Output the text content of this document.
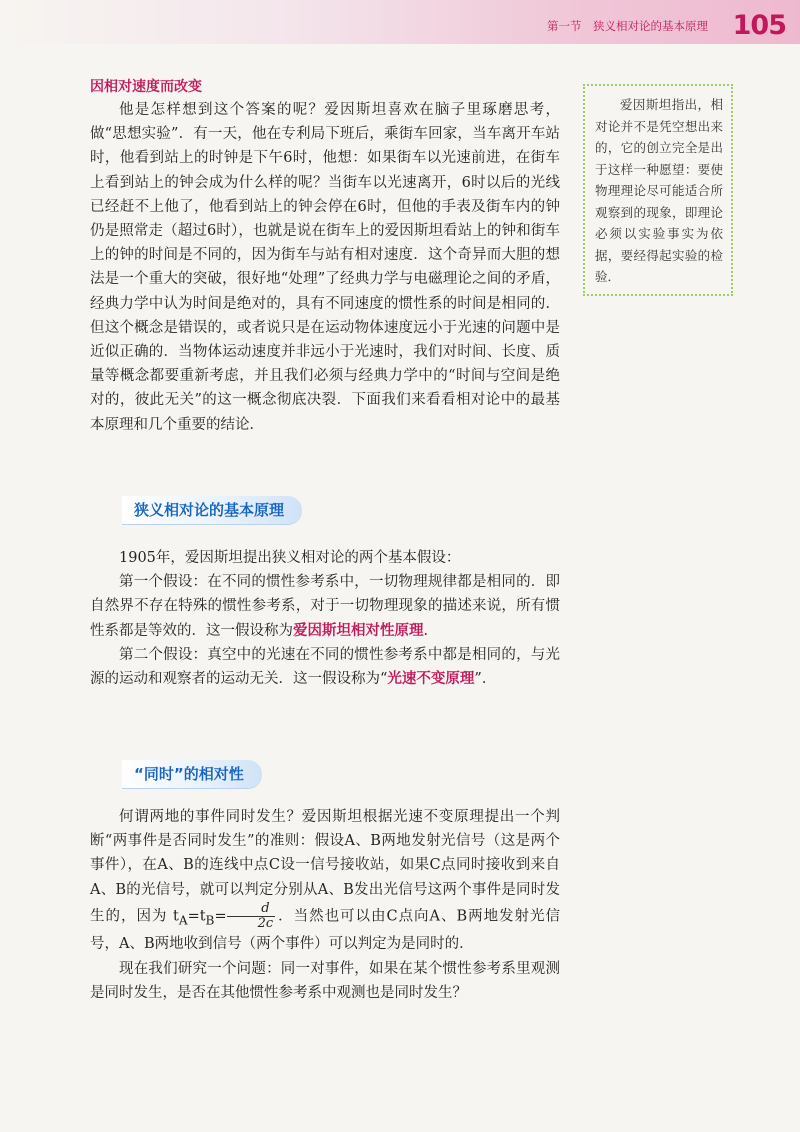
第一节　狭义相对论的基本原理 105
因相对速度而改变

他是怎样想到这个答案的呢？爱因斯坦喜欢在脑子里琢磨思考，做“思想实验”．有一天，他在专利局下班后，乘街车回家，当车离开车站时，他看到站上的时钟是下午6时，他想：如果街车以光速前进，在街车上看到站上的钟会成为什么样的呢？当街车以光速离开，6时以后的光线已经赶不上他了，他看到站上的钟会停在6时，但他的手表及街车内的钟仍是照常走（超过6时），也就是说在街车上的爱因斯坦看站上的钟和街车上的钟的时间是不同的，因为街车与站有相对速度．这个奇异而大胆的想法是一个重大的突破，很好地“处理”了经典力学与电磁理论之间的矛盾，经典力学中认为时间是绝对的，具有不同速度的惯性系的时间是相同的．但这个概念是错误的，或者说只是在运动物体速度远小于光速的问题中是近似正确的．当物体运动速度并非远小于光速时，我们对时间、长度、质量等概念都要重新考虑，并且我们必须与经典力学中的“时间与空间是绝对的，彼此无关”的这一概念彻底决裂．下面我们来看看相对论中的最基本原理和几个重要的结论．

爱因斯坦指出，相对论并不是凭空想出来的，它的创立完全是出于这样一种愿望：要使物理理论尽可能适合所观察到的现象，即理论必须以实验事实为依据，要经得起实验的检验．
狭义相对论的基本原理

1905年，爱因斯坦提出狭义相对论的两个基本假设：

第一个假设：在不同的惯性参考系中，一切物理规律都是相同的．即自然界不存在特殊的惯性参考系，对于一切物理现象的描述来说，所有惯性系都是等效的．这一假设称为爱因斯坦相对性原理．

第二个假设：真空中的光速在不同的惯性参考系中都是相同的，与光源的运动和观察者的运动无关．这一假设称为“光速不变原理”．

“同时”的相对性

何谓两地的事件同时发生？爱因斯坦根据光速不变原理提出一个判断“两事件是否同时发生”的准则：假设A、B两地发射光信号（这是两个事件），在A、B的连线中点C设一信号接收站，如果C点同时接收到来自A、B的光信号，就可以判定分别从A、B发出光信号这两个事件是同时发生的，因为 $t_A=t_B= \frac{d}{2c}$ ．当然也可以由C点向A、B两地发射光信号，A、B两地收到信号（两个事件）可以判定为是同时的．

现在我们研究一个问题：同一对事件，如果在某个惯性参考系里观测是同时发生，是否在其他惯性参考系中观测也是同时发生？
